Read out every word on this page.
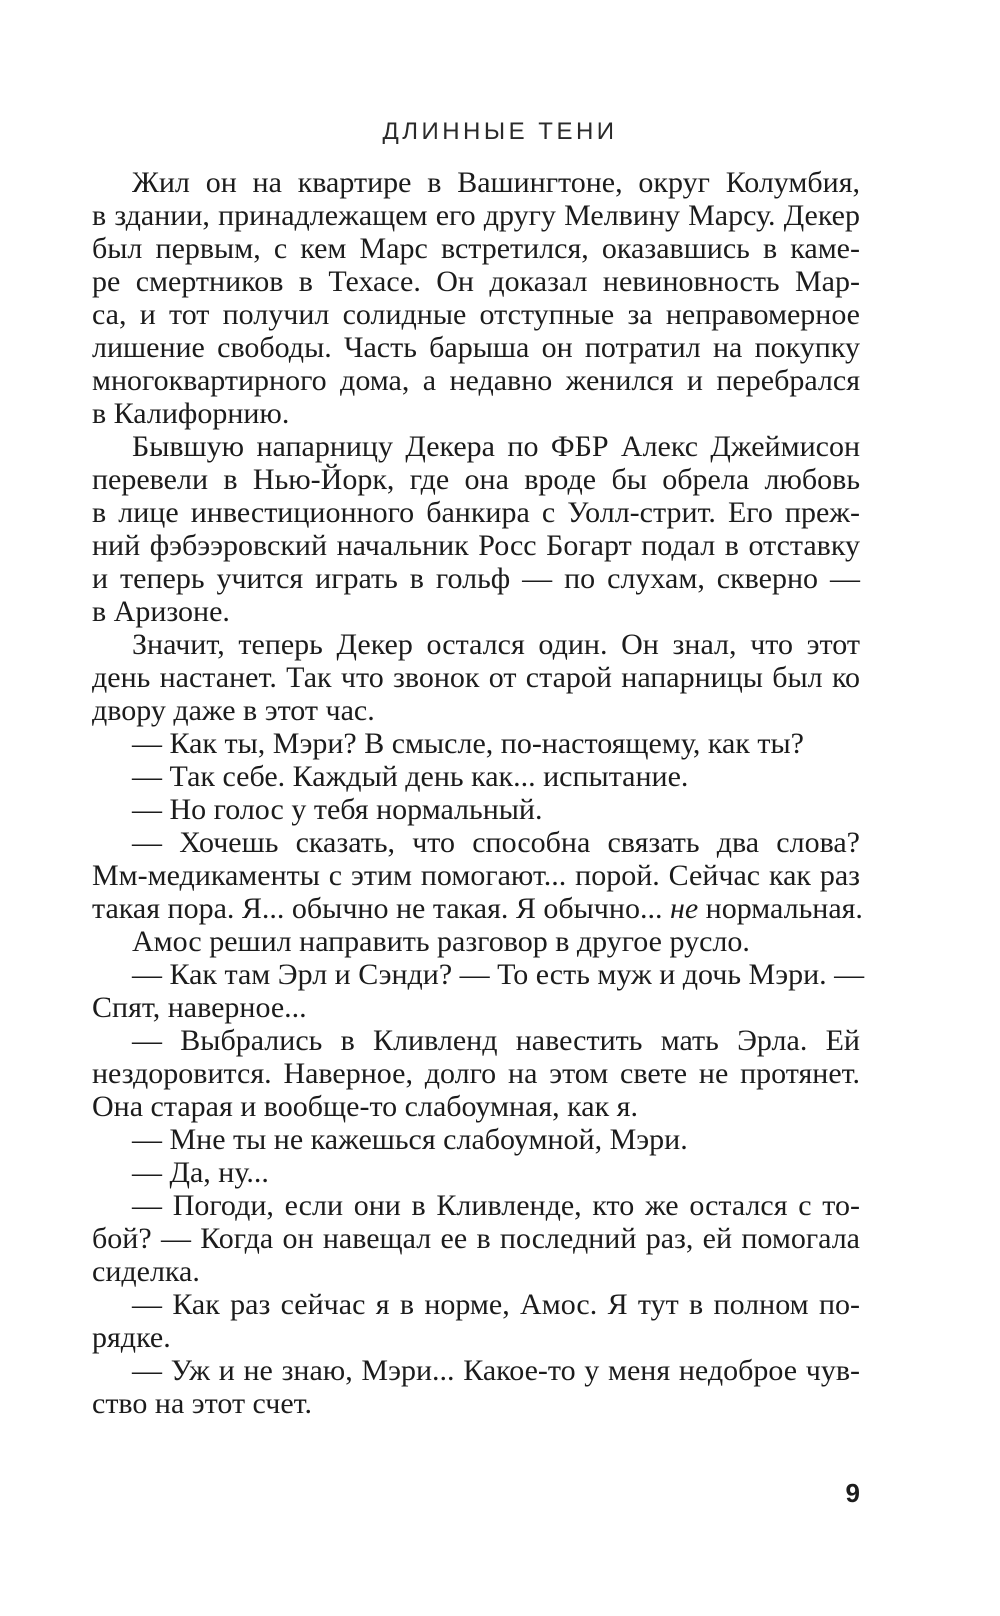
ДЛИННЫЕ ТЕНИ
Жил он на квартире в Вашингтоне, округ Колумбия,
в здании, принадлежащем его другу Мелвину Марсу. Декер
был первым, с кем Марс встретился, оказавшись в каме-
ре смертников в Техасе. Он доказал невиновность Мар-
са, и тот получил солидные отступные за неправомерное
лишение свободы. Часть барыша он потратил на покупку
многоквартирного дома, а недавно женился и перебрался
в Калифорнию.
Бывшую напарницу Декера по ФБР Алекс Джеймисон
перевели в Нью-Йорк, где она вроде бы обрела любовь
в лице инвестиционного банкира с Уолл-стрит. Его преж-
ний фэбээровский начальник Росс Богарт подал в отставку
и теперь учится играть в гольф — по слухам, скверно —
в Аризоне.
Значит, теперь Декер остался один. Он знал, что этот
день настанет. Так что звонок от старой напарницы был ко
двору даже в этот час.
— Как ты, Мэри? В смысле, по-настоящему, как ты?
— Так себе. Каждый день как... испытание.
— Но голос у тебя нормальный.
— Хочешь сказать, что способна связать два слова?
Мм-медикаменты с этим помогают... порой. Сейчас как раз
такая пора. Я... обычно не такая. Я обычно... не нормальная.
Амос решил направить разговор в другое русло.
— Как там Эрл и Сэнди? — То есть муж и дочь Мэри. —
Спят, наверное...
— Выбрались в Кливленд навестить мать Эрла. Ей
нездоровится. Наверное, долго на этом свете не протянет.
Она старая и вообще-то слабоумная, как я.
— Мне ты не кажешься слабоумной, Мэри.
— Да, ну...
— Погоди, если они в Кливленде, кто же остался с то-
бой? — Когда он навещал ее в последний раз, ей помогала
сиделка.
— Как раз сейчас я в норме, Амос. Я тут в полном по-
рядке.
— Уж и не знаю, Мэри... Какое-то у меня недоброе чув-
ство на этот счет.
9
